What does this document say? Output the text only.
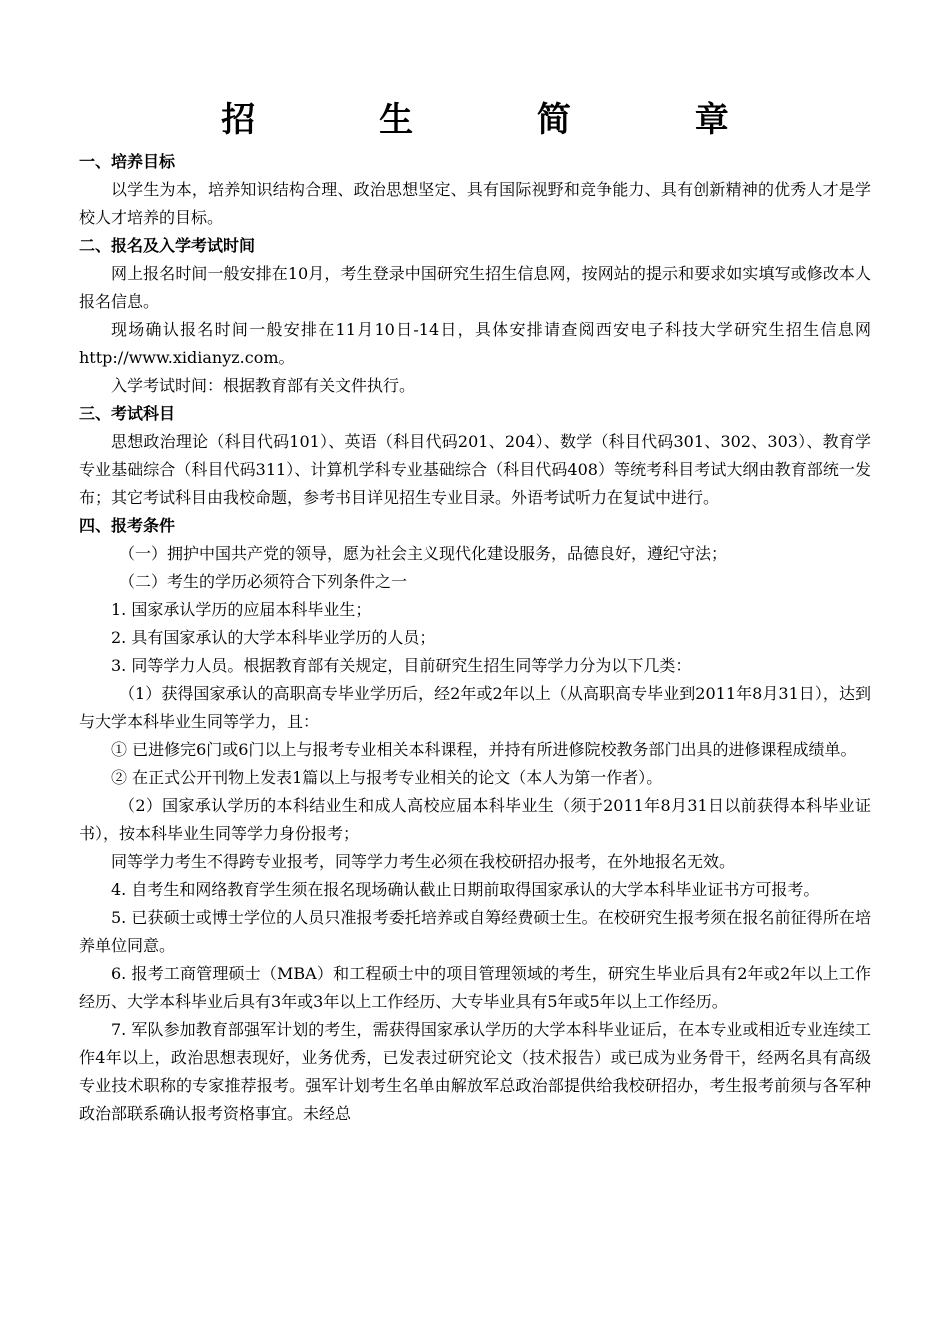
招 生 简 章
一、培养目标
以学生为本，培养知识结构合理、政治思想坚定、具有国际视野和竞争能力、具有创新精神的优秀人才是学校人才培养的目标。
二、报名及入学考试时间
网上报名时间一般安排在10月，考生登录中国研究生招生信息网，按网站的提示和要求如实填写或修改本人报名信息。
现场确认报名时间一般安排在11月10日-14日，具体安排请查阅西安电子科技大学研究生招生信息网http://www.xidianyz.com。
入学考试时间：根据教育部有关文件执行。
三、考试科目
思想政治理论（科目代码101）、英语（科目代码201、204）、数学（科目代码301、302、303）、教育学专业基础综合（科目代码311）、计算机学科专业基础综合（科目代码408）等统考科目考试大纲由教育部统一发布；其它考试科目由我校命题，参考书目详见招生专业目录。外语考试听力在复试中进行。
四、报考条件
（一）拥护中国共产党的领导，愿为社会主义现代化建设服务，品德良好，遵纪守法；
（二）考生的学历必须符合下列条件之一
1. 国家承认学历的应届本科毕业生；
2. 具有国家承认的大学本科毕业学历的人员；
3. 同等学力人员。根据教育部有关规定，目前研究生招生同等学力分为以下几类：
（1）获得国家承认的高职高专毕业学历后，经2年或2年以上（从高职高专毕业到2011年8月31日），达到与大学本科毕业生同等学力，且：
① 已进修完6门或6门以上与报考专业相关本科课程，并持有所进修院校教务部门出具的进修课程成绩单。
② 在正式公开刊物上发表1篇以上与报考专业相关的论文（本人为第一作者）。
（2）国家承认学历的本科结业生和成人高校应届本科毕业生（须于2011年8月31日以前获得本科毕业证书），按本科毕业生同等学力身份报考；
同等学力考生不得跨专业报考，同等学力考生必须在我校研招办报考，在外地报名无效。
4. 自考生和网络教育学生须在报名现场确认截止日期前取得国家承认的大学本科毕业证书方可报考。
5. 已获硕士或博士学位的人员只准报考委托培养或自筹经费硕士生。在校研究生报考须在报名前征得所在培养单位同意。
6. 报考工商管理硕士（MBA）和工程硕士中的项目管理领域的考生，研究生毕业后具有2年或2年以上工作经历、大学本科毕业后具有3年或3年以上工作经历、大专毕业具有5年或5年以上工作经历。
7. 军队参加教育部强军计划的考生，需获得国家承认学历的大学本科毕业证后，在本专业或相近专业连续工作4年以上，政治思想表现好，业务优秀，已发表过研究论文（技术报告）或已成为业务骨干，经两名具有高级专业技术职称的专家推荐报考。强军计划考生名单由解放军总政治部提供给我校研招办，考生报考前须与各军种政治部联系确认报考资格事宜。未经总
